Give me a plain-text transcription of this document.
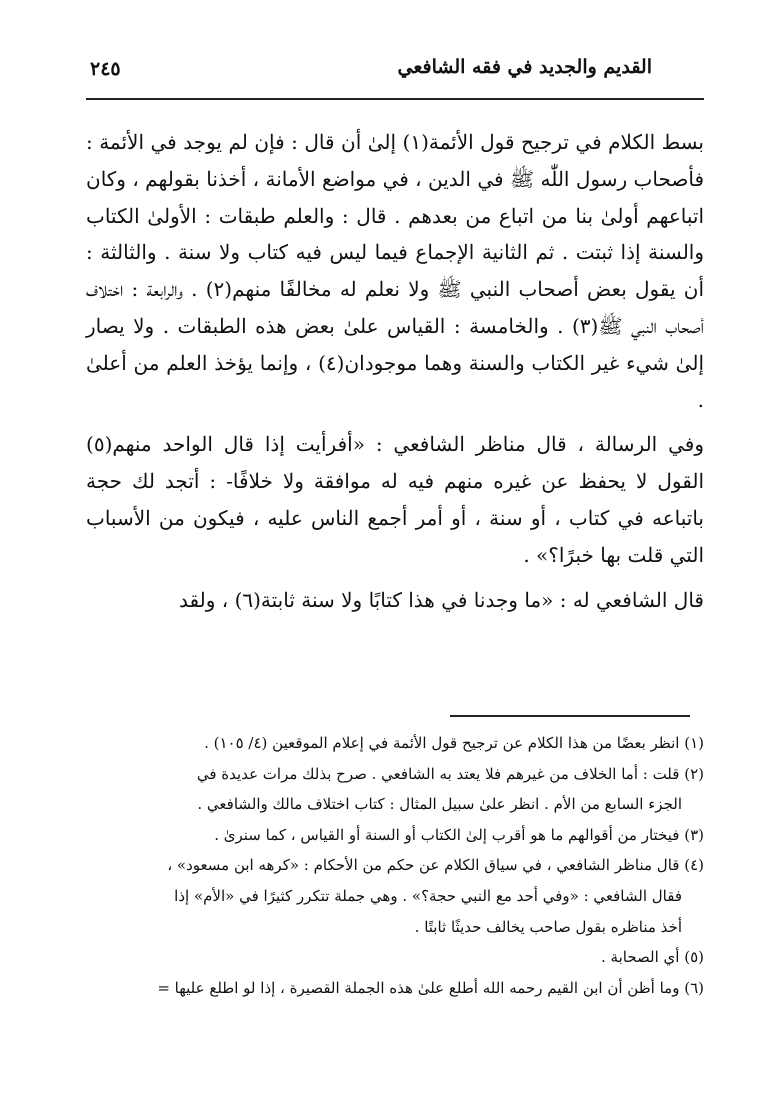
القديم والجديد في فقه الشافعي
٢٤٥

بسط الكلام في ترجيح قول الأئمة(١) إلىٰ أن قال : فإن لم يوجد في الأئمة : فأصحاب رسول اللّٰه ﷺ في الدين ، في مواضع الأمانة ، أخذنا بقولهم ، وكان اتباعهم أولىٰ بنا من اتباع من بعدهم . قال : والعلم طبقات : الأولىٰ الكتاب والسنة إذا ثبتت . ثم الثانية الإجماع فيما ليس فيه كتاب ولا سنة . والثالثة : أن يقول بعض أصحاب النبي ﷺ ولا نعلم له مخالفًا منهم(٢) . والرابعة : اختلاف أصحاب النبي ﷺ(٣) . والخامسة : القياس علىٰ بعض هذه الطبقات . ولا يصار إلىٰ شيء غير الكتاب والسنة وهما موجودان(٤) ، وإنما يؤخذ العلم من أعلىٰ .

وفي الرسالة ، قال مناظر الشافعي : «أفرأيت إذا قال الواحد منهم(٥) القول لا يحفظ عن غيره منهم فيه له موافقة ولا خلافًا- : أتجد لك حجة باتباعه في كتاب ، أو سنة ، أو أمر أجمع الناس عليه ، فيكون من الأسباب التي قلت بها خبرًا؟» .

قال الشافعي له : «ما وجدنا في هذا كتابًا ولا سنة ثابتة(٦) ، ولقد

(١) انظر بعضًا من هذا الكلام عن ترجيح قول الأئمة في إعلام الموقعين (٤/ ١٠٥) .

(٢) قلت : أما الخلاف من غيرهم فلا يعتد به الشافعي . صرح بذلك مرات عديدة في

الجزء السابع من الأم . انظر علىٰ سبيل المثال : كتاب اختلاف مالك والشافعي .

(٣) فيختار من أقوالهم ما هو أقرب إلىٰ الكتاب أو السنة أو القياس ، كما سنرىٰ .

(٤) قال مناظر الشافعي ، في سياق الكلام عن حكم من الأحكام : «كرهه ابن مسعود» ،

فقال الشافعي : «وفي أحد مع النبي حجة؟» . وهي جملة تتكرر كثيرًا في «الأم» إذا

أخذ مناظره بقول صاحب يخالف حديثًا ثابتًا .

(٥) أي الصحابة .

(٦) وما أظن أن ابن القيم رحمه الله أطلع علىٰ هذه الجملة القصيرة ، إذا لو اطلع عليها =
